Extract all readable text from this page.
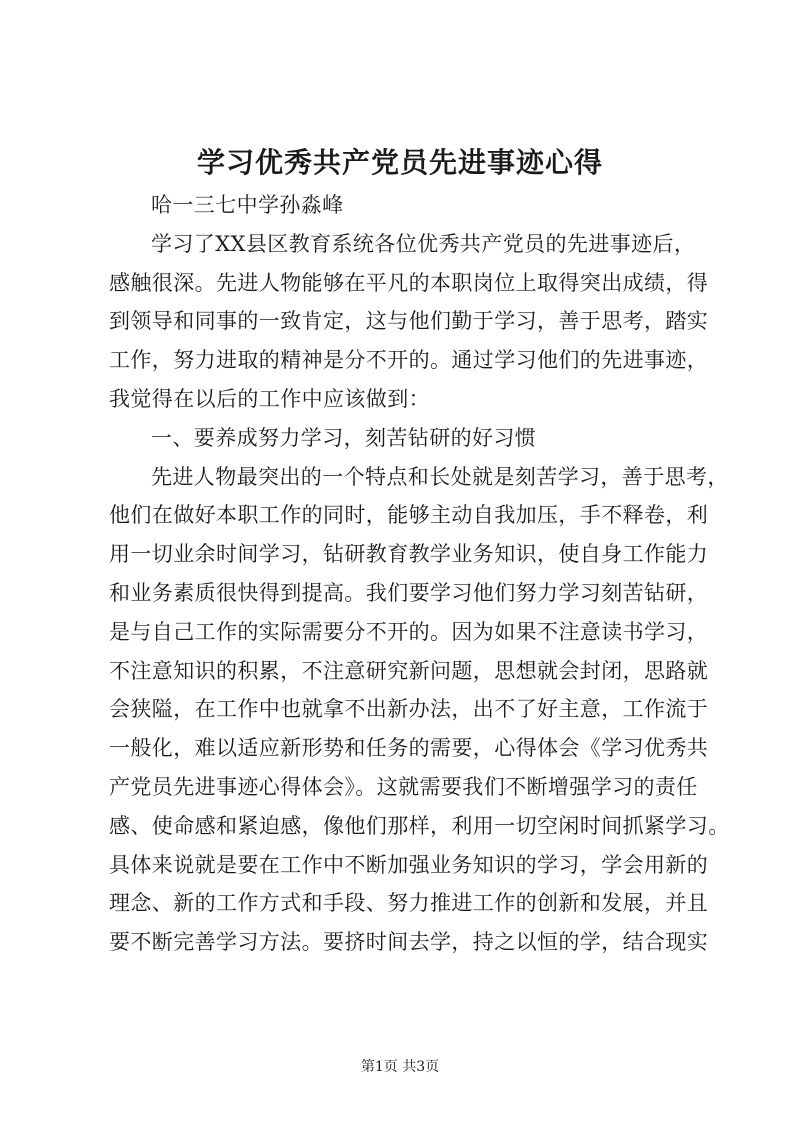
学习优秀共产党员先进事迹心得
哈一三七中学孙淼峰
学习了XX县区教育系统各位优秀共产党员的先进事迹后，
感触很深。先进人物能够在平凡的本职岗位上取得突出成绩，得
到领导和同事的一致肯定，这与他们勤于学习，善于思考，踏实
工作，努力进取的精神是分不开的。通过学习他们的先进事迹，
我觉得在以后的工作中应该做到：
一、要养成努力学习，刻苦钻研的好习惯
先进人物最突出的一个特点和长处就是刻苦学习，善于思考，
他们在做好本职工作的同时，能够主动自我加压，手不释卷，利
用一切业余时间学习，钻研教育教学业务知识，使自身工作能力
和业务素质很快得到提高。我们要学习他们努力学习刻苦钻研，
是与自己工作的实际需要分不开的。因为如果不注意读书学习，
不注意知识的积累，不注意研究新问题，思想就会封闭，思路就
会狭隘，在工作中也就拿不出新办法，出不了好主意，工作流于
一般化，难以适应新形势和任务的需要，心得体会《学习优秀共
产党员先进事迹心得体会》。这就需要我们不断增强学习的责任
感、使命感和紧迫感，像他们那样，利用一切空闲时间抓紧学习。
具体来说就是要在工作中不断加强业务知识的学习，学会用新的
理念、新的工作方式和手段、努力推进工作的创新和发展，并且
要不断完善学习方法。要挤时间去学，持之以恒的学，结合现实
第1页 共3页
